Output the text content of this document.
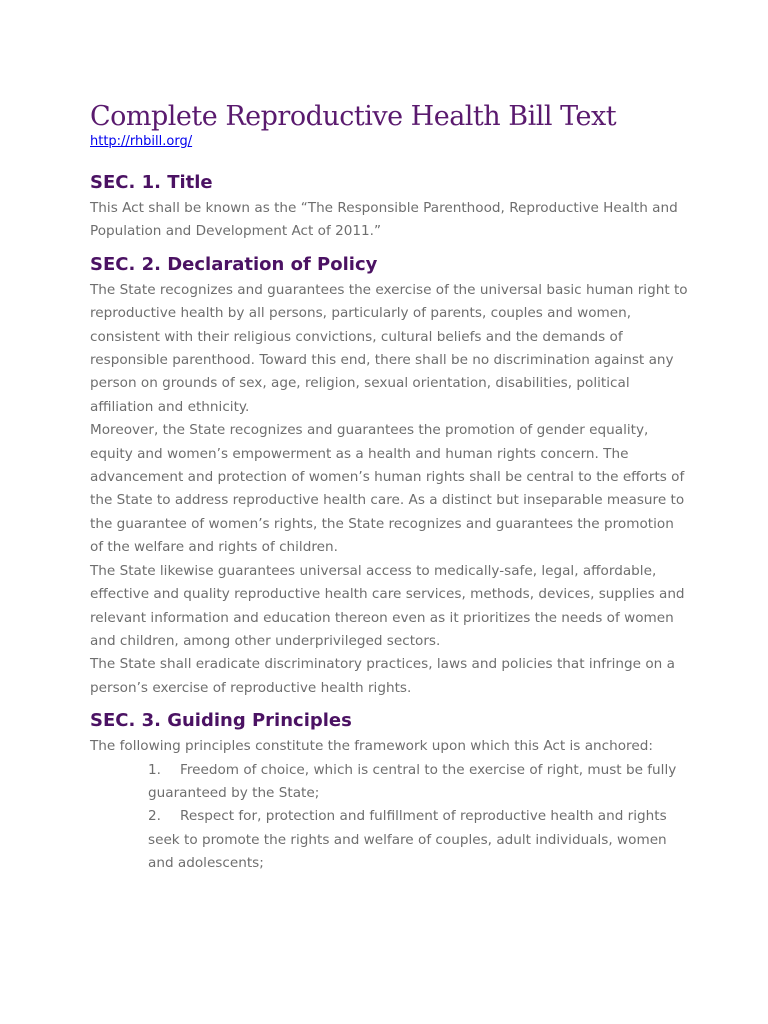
Complete Reproductive Health Bill Text
http://rhbill.org/
SEC. 1. Title

This Act shall be known as the “The Responsible Parenthood, Reproductive Health and Population and Development Act of 2011.”

SEC. 2. Declaration of Policy

The State recognizes and guarantees the exercise of the universal basic human right to reproductive health by all persons, particularly of parents, couples and women, consistent with their religious convictions, cultural beliefs and the demands of responsible parenthood. Toward this end, there shall be no discrimination against any person on grounds of sex, age, religion, sexual orientation, disabilities, political affiliation and ethnicity.

Moreover, the State recognizes and guarantees the promotion of gender equality, equity and women’s empowerment as a health and human rights concern. The advancement and protection of women’s human rights shall be central to the efforts of the State to address reproductive health care. As a distinct but inseparable measure to the guarantee of women’s rights, the State recognizes and guarantees the promotion of the welfare and rights of children.

The State likewise guarantees universal access to medically-safe, legal, affordable, effective and quality reproductive health care services, methods, devices, supplies and relevant information and education thereon even as it prioritizes the needs of women and children, among other underprivileged sectors.

The State shall eradicate discriminatory practices, laws and policies that infringe on a person’s exercise of reproductive health rights.

SEC. 3. Guiding Principles

The following principles constitute the framework upon which this Act is anchored:

1. Freedom of choice, which is central to the exercise of right, must be fully guaranteed by the State;
2. Respect for, protection and fulfillment of reproductive health and rights seek to promote the rights and welfare of couples, adult individuals, women and adolescents;
